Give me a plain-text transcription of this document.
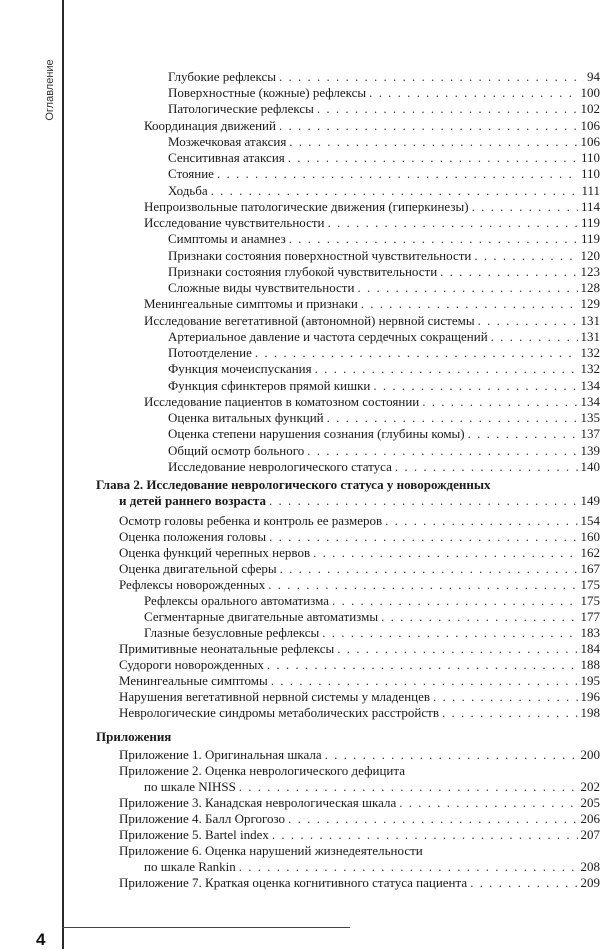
Оглавление
4
Глубокие рефлексы . . .	94
Поверхностные (кожные) рефлексы . . .	100
Патологические рефлексы . . .	102
Координация движений . . .	106
Мозжечковая атаксия . . .	106
Сенситивная атаксия . . .	110
Стояние . . .	110
Ходьба . . .	111
Непроизвольные патологические движения (гиперкинезы) . . .	114
Исследование чувствительности . . .	119
Симптомы и анамнез . . .	119
Признаки состояния поверхностной чувствительности . . .	120
Признаки состояния глубокой чувствительности . . .	123
Сложные виды чувствительности . . .	128
Менингеальные симптомы и признаки . . .	129
Исследование вегетативной (автономной) нервной системы . . .	131
Артериальное давление и частота сердечных сокращений . . .	131
Потоотделение . . .	132
Функция мочеиспускания . . .	132
Функция сфинктеров прямой кишки . . .	134
Исследование пациентов в коматозном состоянии . . .	134
Оценка витальных функций . . .	135
Оценка степени нарушения сознания (глубины комы) . . .	137
Общий осмотр больного . . .	139
Исследование неврологического статуса . . .	140
Глава 2. Исследование неврологического статуса у новорожденных
и детей раннего возраста . . .	149
Осмотр головы ребенка и контроль ее размеров . . .	154
Оценка положения головы . . .	160
Оценка функций черепных нервов . . .	162
Оценка двигательной сферы . . .	167
Рефлексы новорожденных . . .	175
Рефлексы орального автоматизма . . .	175
Сегментарные двигательные автоматизмы . . .	177
Глазные безусловные рефлексы . . .	183
Примитивные неонатальные рефлексы . . .	184
Судороги новорожденных . . .	188
Менингеальные симптомы . . .	195
Нарушения вегетативной нервной системы у младенцев . . .	196
Неврологические синдромы метаболических расстройств . . .	198
Приложения
Приложение 1. Оригинальная шкала . . .	200
Приложение 2. Оценка неврологического дефицита
по шкале NIHSS . . .	202
Приложение 3. Канадская неврологическая шкала . . .	205
Приложение 4. Балл Оргогозо . . .	206
Приложение 5. Bartel index . . .	207
Приложение 6. Оценка нарушений жизнедеятельности
по шкале Rankin . . .	208
Приложение 7. Краткая оценка когнитивного статуса пациента . . .	209
